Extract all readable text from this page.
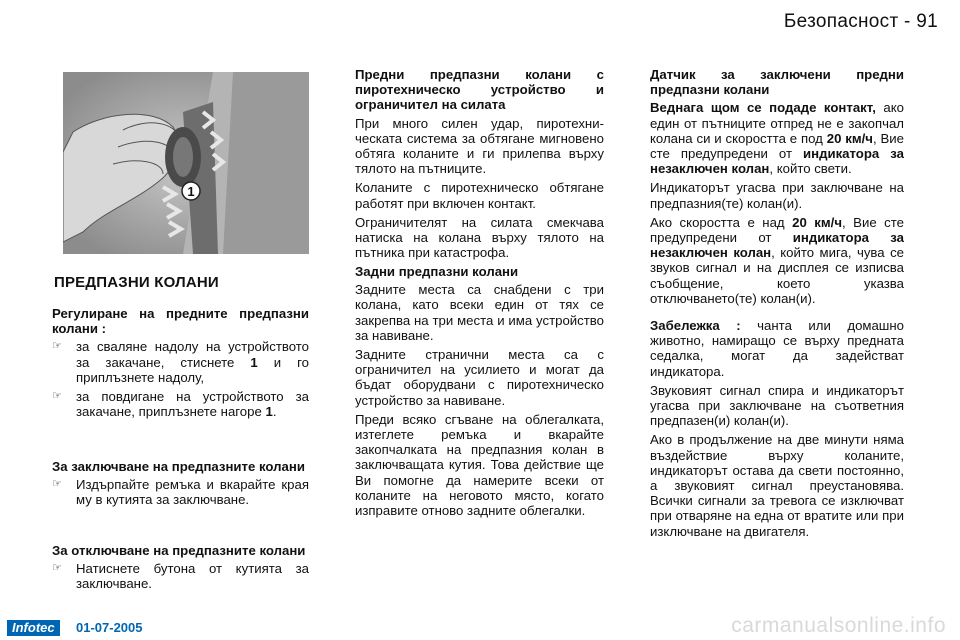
Безопасност - 91
1
ПРЕДПАЗНИ КОЛАНИ

Регулиране на предните предпазни колани :

☞	за сваляне надолу на устройството за закачане, стиснете 1 и го приплъзнете надолу,
☞	за повдигане на устройството за закачане, приплъзнете нагоре 1.

За заключване на предпазните колани

☞	Издърпайте ремъка и вкарайте края му в кутията за заключване.

За отключване на предпазните колани

☞	Натиснете бутона от кутията за заключване.

Предни предпазни колани с пиротехническо устройство и ограничител на силата

При много силен удар, пиротехническата система за обтягане мигновено обтяга коланите и ги прилепва върху тялото на пътниците.

Коланите с пиротехническо обтягане работят при включен контакт.

Ограничителят на силата смекчава натиска на колана върху тялото на пътника при катастрофа.

Задни предпазни колани

Задните места са снабдени с три колана, като всеки един от тях се закрепва на три места и има устройство за навиване.

Задните странични места са с ограничител на усилието и могат да бъдат оборудвани с пиротехническо устройство за навиване.

Преди всяко сгъване на облегалката, изтеглете ремъка и вкарайте закопчалката на предпазния колан в заключващата кутия. Това действие ще Ви помогне да намерите всеки от коланите на неговото място, когато изправите отново задните облегалки.

Датчик за заключени предни предпазни колани

Веднага щом се подаде контакт, ако един от пътниците отпред не е закопчал колана си и скоростта е под 20 км/ч, Вие сте предупредени от индикатора за незаключен колан, който свети.

Индикаторът угасва при заключване на предпазния(те) колан(и).

Ако скоростта е над 20 км/ч, Вие сте предупредени от индикатора за незаключен колан, който мига, чува се звуков сигнал и на дисплея се изписва съобщение, което указва отключването(те) колан(и).

Забележка : чанта или домашно животно, намиращо се върху предната седалка, могат да задействат индикатора.

Звуковият сигнал спира и индикаторът угасва при заключване на съответния предпазен(и) колан(и).

Ако в продължение на две минути няма въздействие върху коланите, индикаторът остава да свети постоянно, а звуковият сигнал преустановява. Всички сигнали за тревога се изключват при отваряне на една от вратите или при изключване на двигателя.

Infotec	01-07-2005	carmanualsonline.info
